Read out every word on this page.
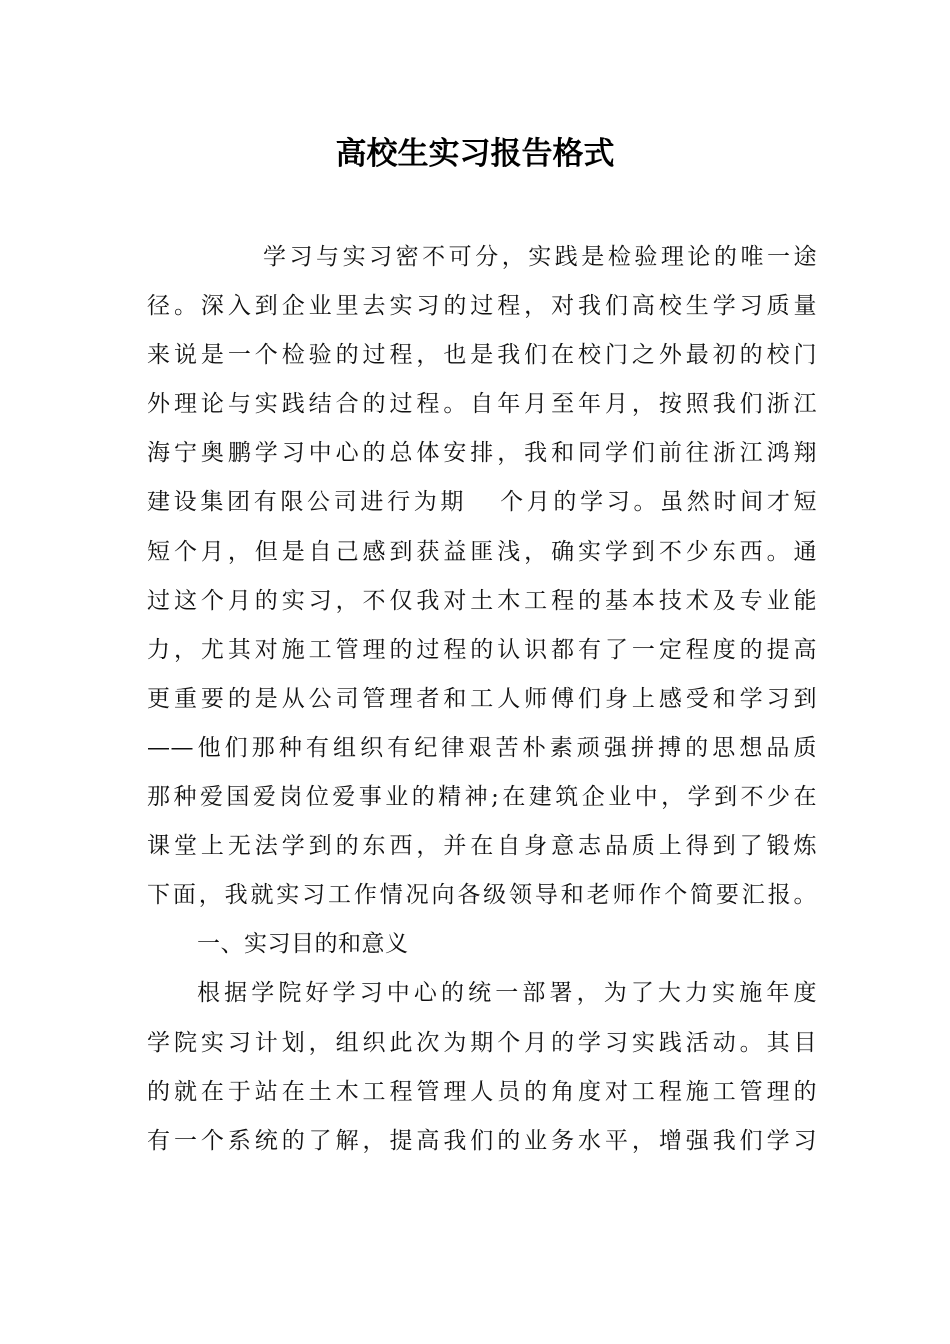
高校生实习报告格式
学习与实习密不可分，实践是检验理论的唯一途
径。深入到企业里去实习的过程，对我们高校生学习质量
来说是一个检验的过程，也是我们在校门之外最初的校门
外理论与实践结合的过程。自年月至年月，按照我们浙江
海宁奥鹏学习中心的总体安排，我和同学们前往浙江鸿翔
建设集团有限公司进行为期   个月的学习。虽然时间才短
短个月，但是自己感到获益匪浅，确实学到不少东西。通
过这个月的实习，不仅我对土木工程的基本技术及专业能
力，尤其对施工管理的过程的认识都有了一定程度的提高
更重要的是从公司管理者和工人师傅们身上感受和学习到
——他们那种有组织有纪律艰苦朴素顽强拼搏的思想品质
那种爱国爱岗位爱事业的精神;在建筑企业中，学到不少在
课堂上无法学到的东西，并在自身意志品质上得到了锻炼
下面，我就实习工作情况向各级领导和老师作个简要汇报。
一、实习目的和意义
根据学院好学习中心的统一部署，为了大力实施年度
学院实习计划，组织此次为期个月的学习实践活动。其目
的就在于站在土木工程管理人员的角度对工程施工管理的
有一个系统的了解，提高我们的业务水平，增强我们学习
